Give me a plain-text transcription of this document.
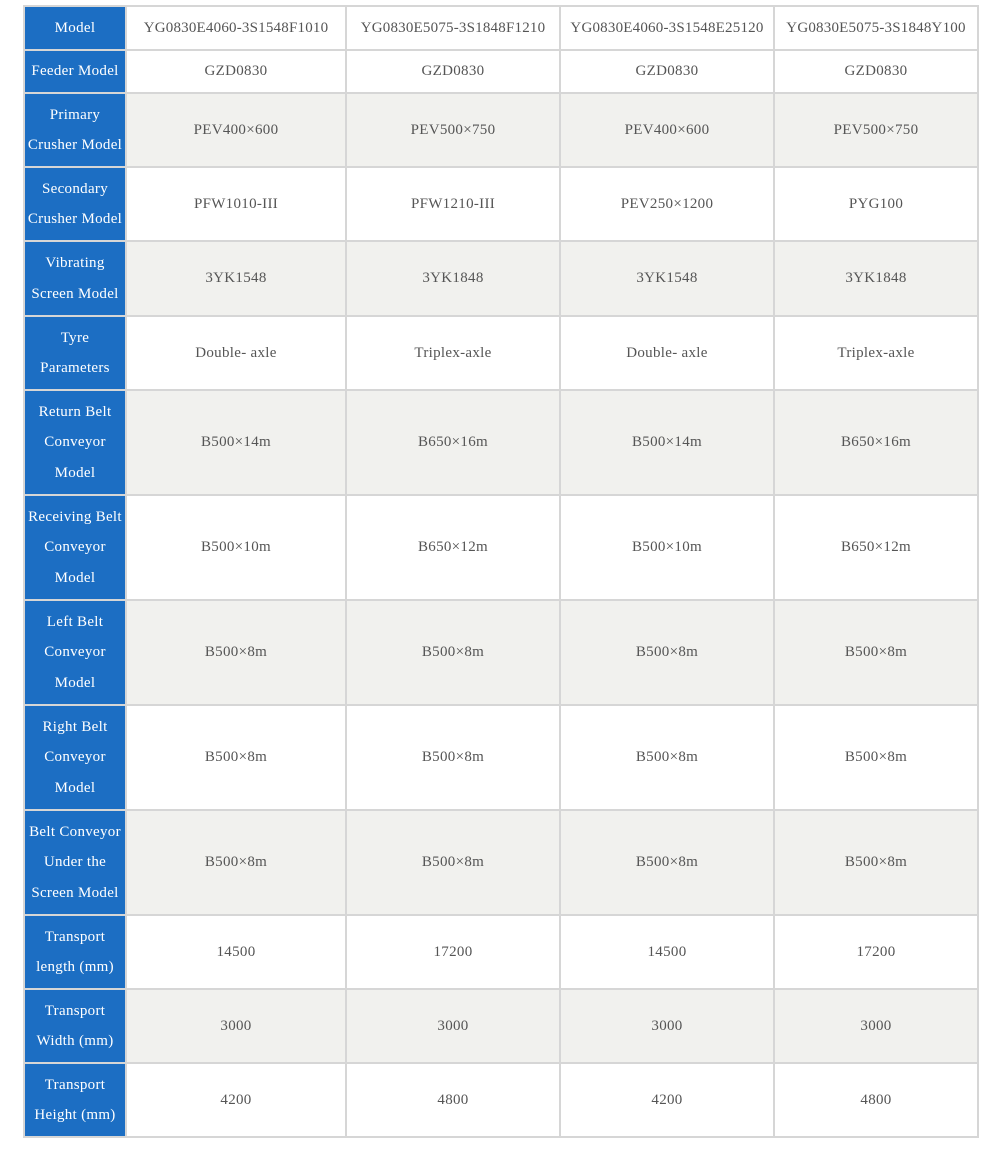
Model	YG0830E4060-3S1548F1010	YG0830E5075-3S1848F1210	YG0830E4060-3S1548E25120	YG0830E5075-3S1848Y100
Feeder Model	GZD0830	GZD0830	GZD0830	GZD0830
Primary Crusher Model	PEV400×600	PEV500×750	PEV400×600	PEV500×750
Secondary Crusher Model	PFW1010-III	PFW1210-III	PEV250×1200	PYG100
Vibrating Screen Model	3YK1548	3YK1848	3YK1548	3YK1848
Tyre Parameters	Double- axle	Triplex-axle	Double- axle	Triplex-axle
Return Belt Conveyor Model	B500×14m	B650×16m	B500×14m	B650×16m
Receiving Belt Conveyor Model	B500×10m	B650×12m	B500×10m	B650×12m
Left Belt Conveyor Model	B500×8m	B500×8m	B500×8m	B500×8m
Right Belt Conveyor Model	B500×8m	B500×8m	B500×8m	B500×8m
Belt Conveyor Under the Screen Model	B500×8m	B500×8m	B500×8m	B500×8m
Transport length (mm)	14500	17200	14500	17200
Transport Width (mm)	3000	3000	3000	3000
Transport Height (mm)	4200	4800	4200	4800
